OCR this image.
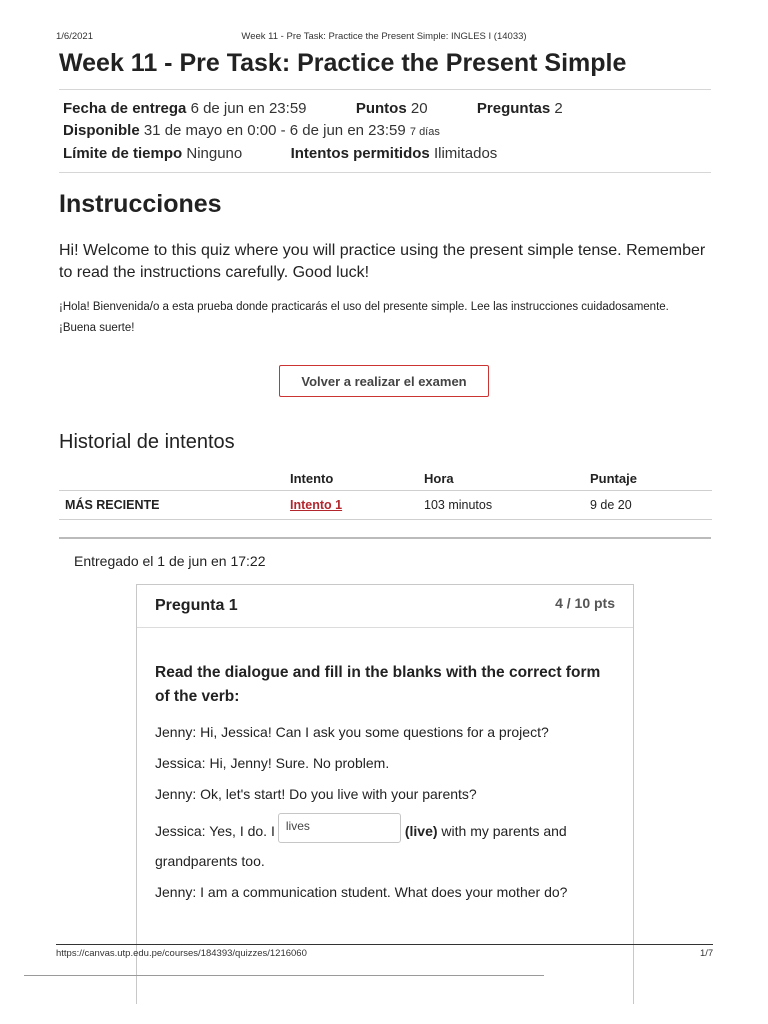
1/6/2021	Week 11 - Pre Task: Practice the Present Simple: INGLES I (14033)
Week 11 - Pre Task: Practice the Present Simple
Fecha de entrega 6 de jun en 23:59	Puntos 20	Preguntas 2
Disponible 31 de mayo en 0:00 - 6 de jun en 23:59 7 días
Límite de tiempo Ninguno	Intentos permitidos Ilimitados
Instrucciones
Hi! Welcome to this quiz where you will practice using the present simple tense. Remember to read the instructions carefully. Good luck!
¡Hola! Bienvenida/o a esta prueba donde practicarás el uso del presente simple. Lee las instrucciones cuidadosamente. ¡Buena suerte!
Volver a realizar el examen
Historial de intentos
	Intento	Hora	Puntaje
MÁS RECIENTE	Intento 1	103 minutos	9 de 20
Entregado el 1 de jun en 17:22
Pregunta 1	4 / 10 pts

Read the dialogue and fill in the blanks with the correct form of the verb:

Jenny: Hi, Jessica! Can I ask you some questions for a project?

Jessica: Hi, Jenny! Sure. No problem.

Jenny: Ok, let's start! Do you live with your parents?

Jessica: Yes, I do. I lives	(live) with my parents and

grandparents too.

Jenny: I am a communication student. What does your mother do?

https://canvas.utp.edu.pe/courses/184393/quizzes/1216060	1/7
